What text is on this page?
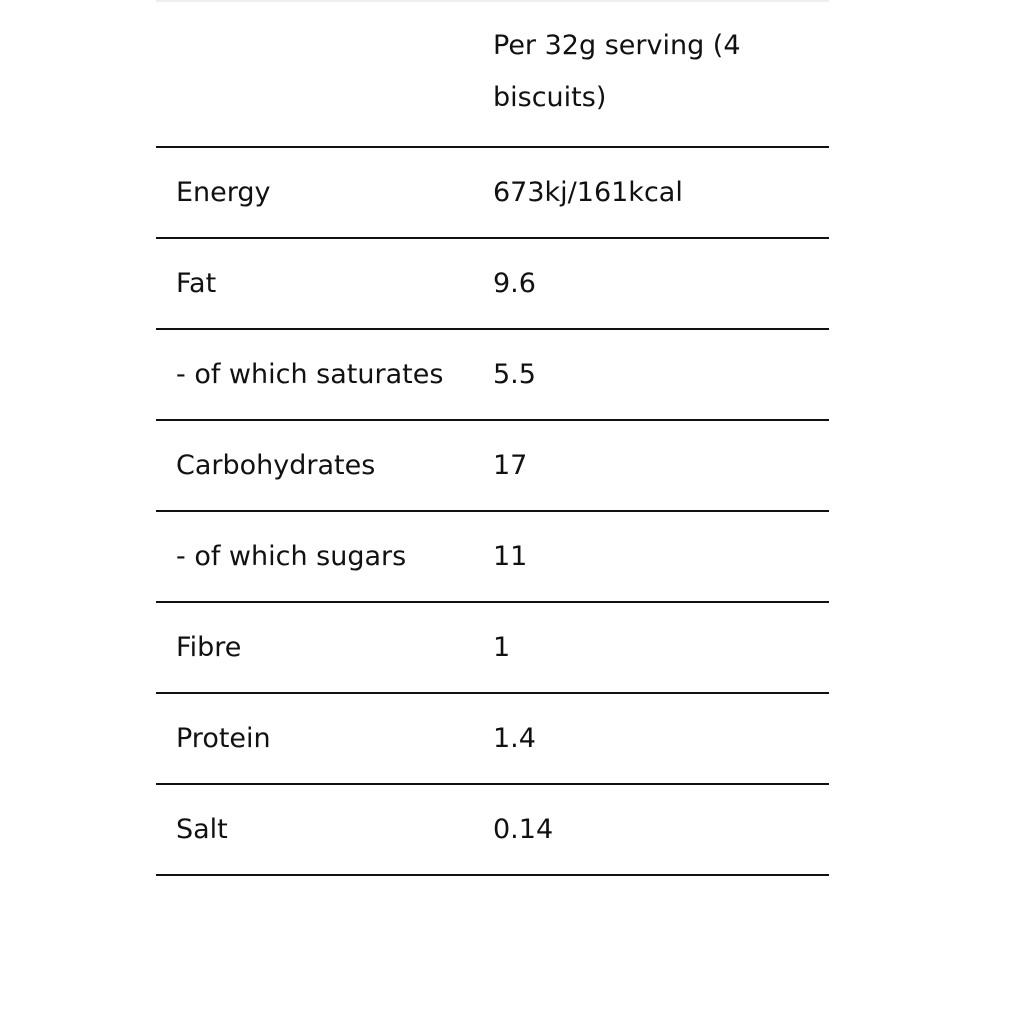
	Per 32g serving (4 biscuits)
Energy	673kj/161kcal
Fat	9.6
- of which saturates	5.5
Carbohydrates	17
- of which sugars	11
Fibre	1
Protein	1.4
Salt	0.14
